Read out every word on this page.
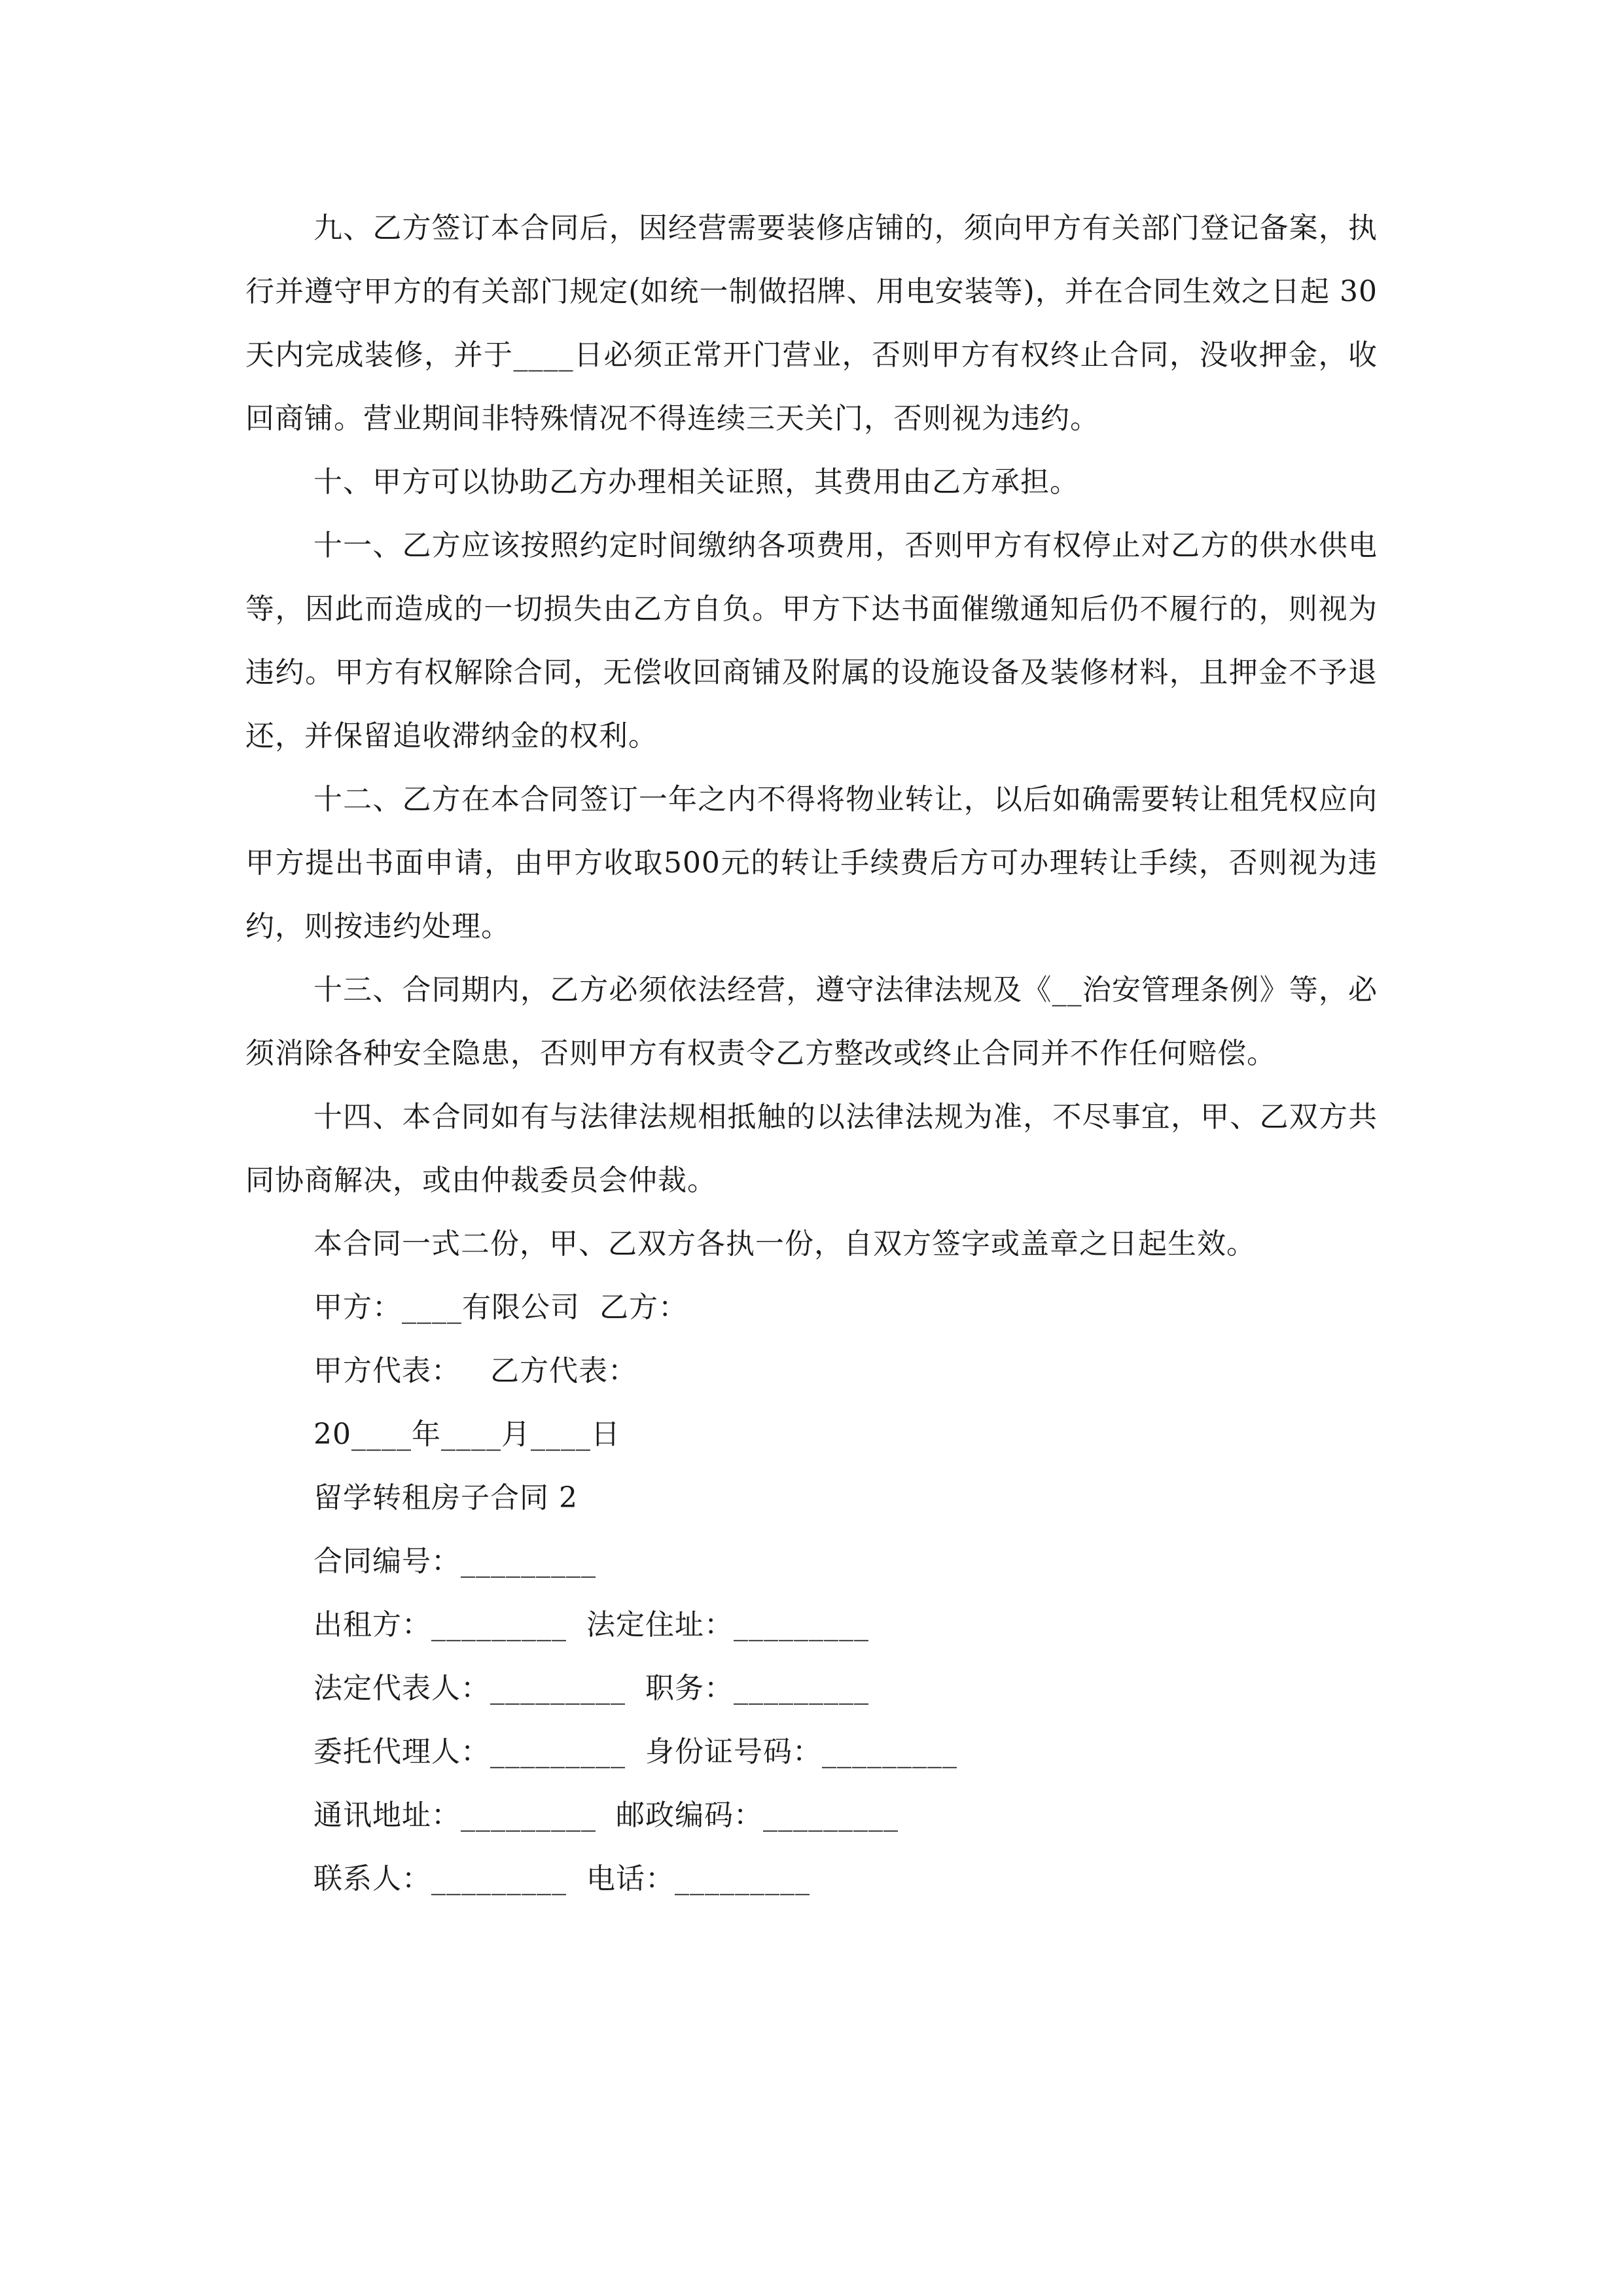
九、乙方签订本合同后，因经营需要装修店铺的，须向甲方有关部门登记备案，执行并遵守甲方的有关部门规定(如统一制做招牌、用电安装等)，并在合同生效之日起 30 天内完成装修，并于____日必须正常开门营业，否则甲方有权终止合同，没收押金，收回商铺。营业期间非特殊情况不得连续三天关门，否则视为违约。

十、甲方可以协助乙方办理相关证照，其费用由乙方承担。

十一、乙方应该按照约定时间缴纳各项费用，否则甲方有权停止对乙方的供水供电等，因此而造成的一切损失由乙方自负。甲方下达书面催缴通知后仍不履行的，则视为违约。甲方有权解除合同，无偿收回商铺及附属的设施设备及装修材料，且押金不予退还，并保留追收滞纳金的权利。

十二、乙方在本合同签订一年之内不得将物业转让，以后如确需要转让租凭权应向甲方提出书面申请，由甲方收取500元的转让手续费后方可办理转让手续，否则视为违约，则按违约处理。

十三、合同期内，乙方必须依法经营，遵守法律法规及《__治安管理条例》等，必须消除各种安全隐患，否则甲方有权责令乙方整改或终止合同并不作任何赔偿。

十四、本合同如有与法律法规相抵触的以法律法规为准，不尽事宜，甲、乙双方共同协商解决，或由仲裁委员会仲裁。

本合同一式二份，甲、乙双方各执一份，自双方签字或盖章之日起生效。

甲方：____有限公司  乙方：

甲方代表：   乙方代表：

20____年____月____日

留学转租房子合同 2

合同编号：_________

出租方：_________  法定住址：_________

法定代表人：_________  职务：_________

委托代理人：_________  身份证号码：_________

通讯地址：_________  邮政编码：_________

联系人：_________  电话：_________
